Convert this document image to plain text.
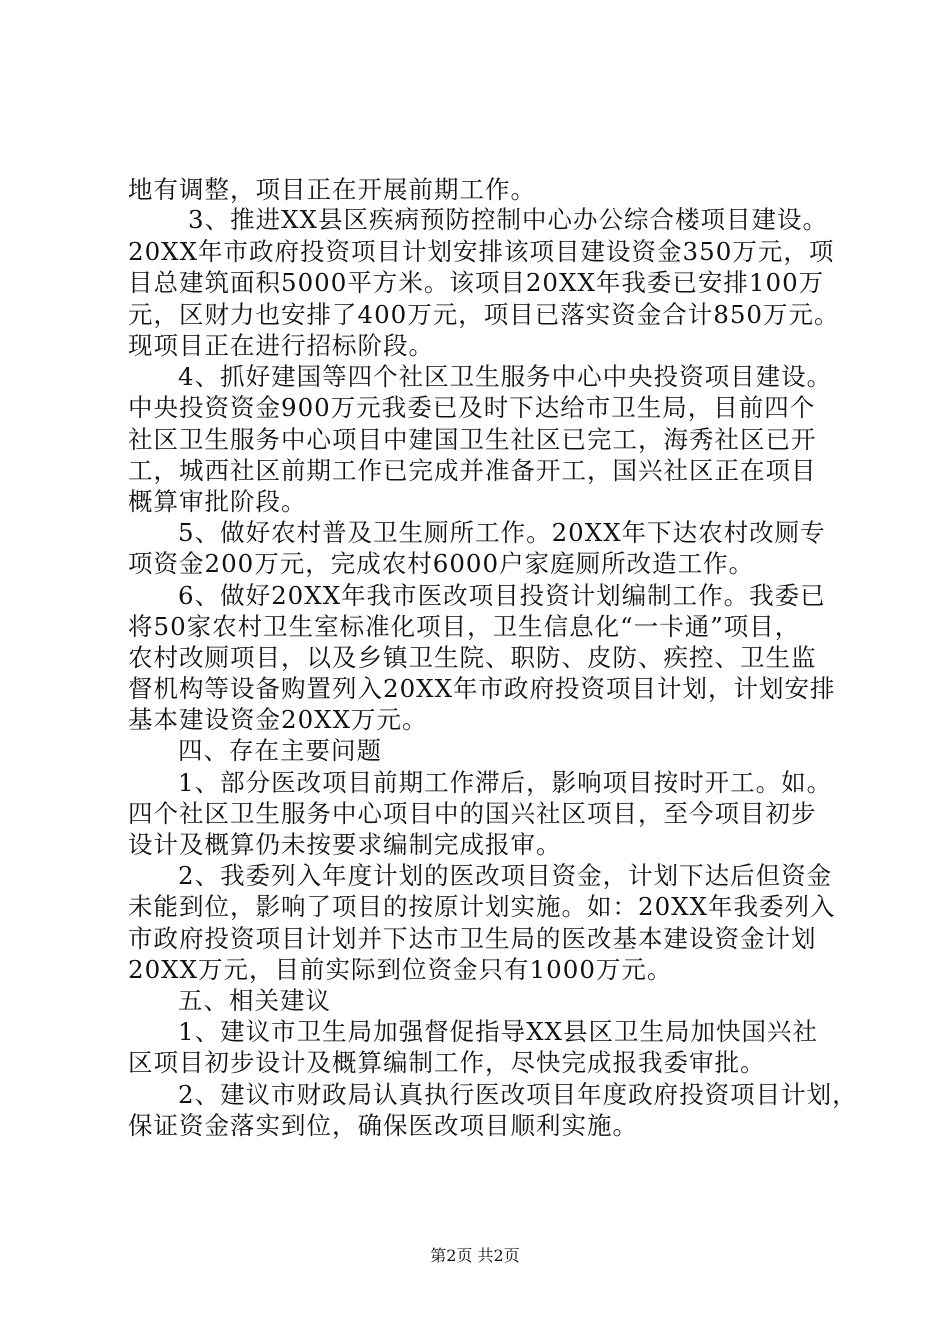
地有调整，项目正在开展前期工作。
3、推进XX县区疾病预防控制中心办公综合楼项目建设。
20XX年市政府投资项目计划安排该项目建设资金350万元，项
目总建筑面积5000平方米。该项目20XX年我委已安排100万
元，区财力也安排了400万元，项目已落实资金合计850万元。
现项目正在进行招标阶段。
4、抓好建国等四个社区卫生服务中心中央投资项目建设。
中央投资资金900万元我委已及时下达给市卫生局，目前四个
社区卫生服务中心项目中建国卫生社区已完工，海秀社区已开
工，城西社区前期工作已完成并准备开工，国兴社区正在项目
概算审批阶段。
5、做好农村普及卫生厕所工作。20XX年下达农村改厕专
项资金200万元，完成农村6000户家庭厕所改造工作。
6、做好20XX年我市医改项目投资计划编制工作。我委已
将50家农村卫生室标准化项目，卫生信息化“一卡通”项目，
农村改厕项目，以及乡镇卫生院、职防、皮防、疾控、卫生监
督机构等设备购置列入20XX年市政府投资项目计划，计划安排
基本建设资金20XX万元。
四、存在主要问题
1、部分医改项目前期工作滞后，影响项目按时开工。如。
四个社区卫生服务中心项目中的国兴社区项目，至今项目初步
设计及概算仍未按要求编制完成报审。
2、我委列入年度计划的医改项目资金，计划下达后但资金
未能到位，影响了项目的按原计划实施。如：20XX年我委列入
市政府投资项目计划并下达市卫生局的医改基本建设资金计划
20XX万元，目前实际到位资金只有1000万元。
五、相关建议
1、建议市卫生局加强督促指导XX县区卫生局加快国兴社
区项目初步设计及概算编制工作，尽快完成报我委审批。
2、建议市财政局认真执行医改项目年度政府投资项目计划，
保证资金落实到位，确保医改项目顺利实施。
第2页 共2页
